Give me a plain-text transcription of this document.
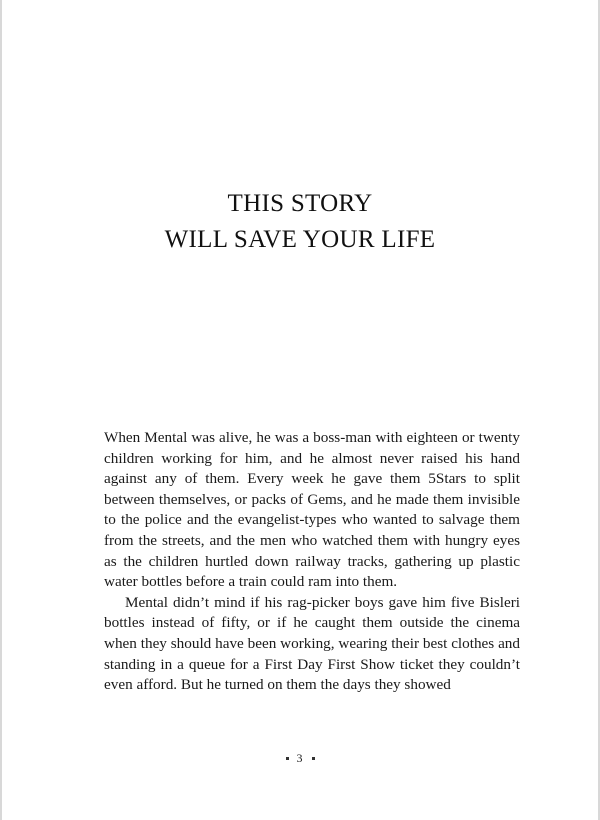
THIS STORY
WILL SAVE YOUR LIFE

When Mental was alive, he was a boss-man with eighteen or twenty children working for him, and he almost never raised his hand against any of them. Every week he gave them 5Stars to split between themselves, or packs of Gems, and he made them invisible to the police and the evangelist-types who wanted to salvage them from the streets, and the men who watched them with hungry eyes as the children hurtled down railway tracks, gathering up plastic water bottles before a train could ram into them.

Mental didn’t mind if his rag-picker boys gave him five Bisleri bottles instead of fifty, or if he caught them outside the cinema when they should have been working, wearing their best clothes and standing in a queue for a First Day First Show ticket they couldn’t even afford. But he turned on them the days they showed

3
